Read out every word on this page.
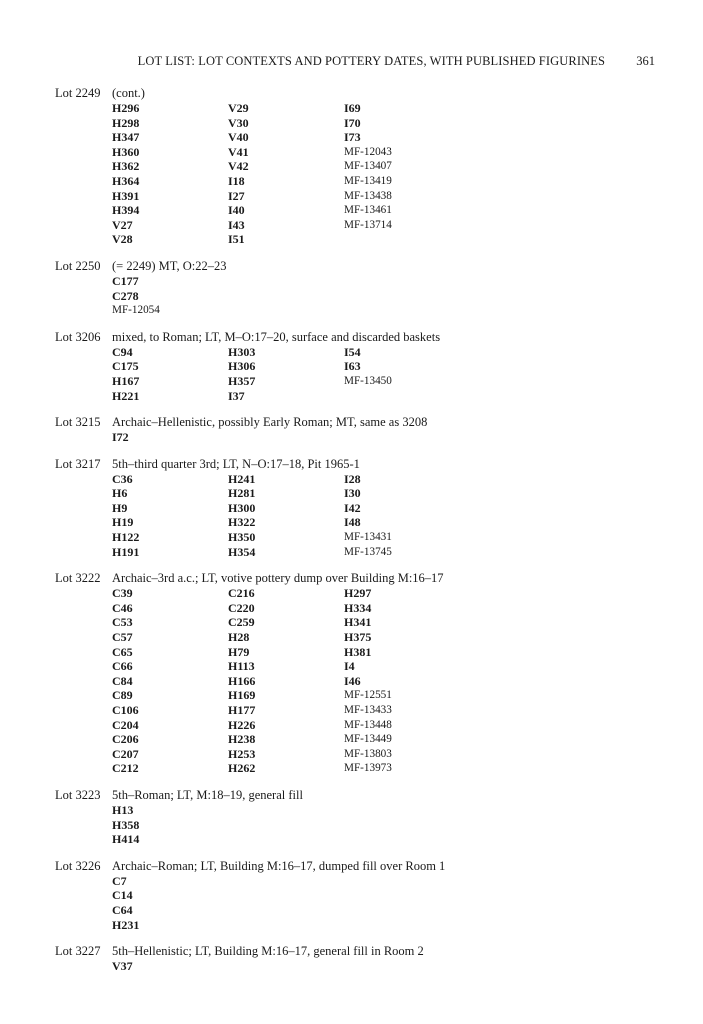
LOT LIST: LOT CONTEXTS AND POTTERY DATES, WITH PUBLISHED FIGURINES	361
Lot 2249 (cont.)
H296	V29	I69
H298	V30	I70
H347	V40	I73
H360	V41	MF-12043
H362	V42	MF-13407
H364	I18	MF-13419
H391	I27	MF-13438
H394	I40	MF-13461
V27	I43	MF-13714
V28	I51
Lot 2250 (= 2249) MT, O:22–23
C177
C278
MF-12054
Lot 3206 mixed, to Roman; LT, M–O:17–20, surface and discarded baskets
C94	H303	I54
C175	H306	I63
H167	H357	MF-13450
H221	I37
Lot 3215 Archaic–Hellenistic, possibly Early Roman; MT, same as 3208
I72
Lot 3217 5th–third quarter 3rd; LT, N–O:17–18, Pit 1965-1
C36	H241	I28
H6	H281	I30
H9	H300	I42
H19	H322	I48
H122	H350	MF-13431
H191	H354	MF-13745
Lot 3222 Archaic–3rd a.c.; LT, votive pottery dump over Building M:16–17
C39	C216	H297
C46	C220	H334
C53	C259	H341
C57	H28	H375
C65	H79	H381
C66	H113	I4
C84	H166	I46
C89	H169	MF-12551
C106	H177	MF-13433
C204	H226	MF-13448
C206	H238	MF-13449
C207	H253	MF-13803
C212	H262	MF-13973
Lot 3223 5th–Roman; LT, M:18–19, general fill
H13
H358
H414
Lot 3226 Archaic–Roman; LT, Building M:16–17, dumped fill over Room 1
C7
C14
C64
H231
Lot 3227 5th–Hellenistic; LT, Building M:16–17, general fill in Room 2
V37
